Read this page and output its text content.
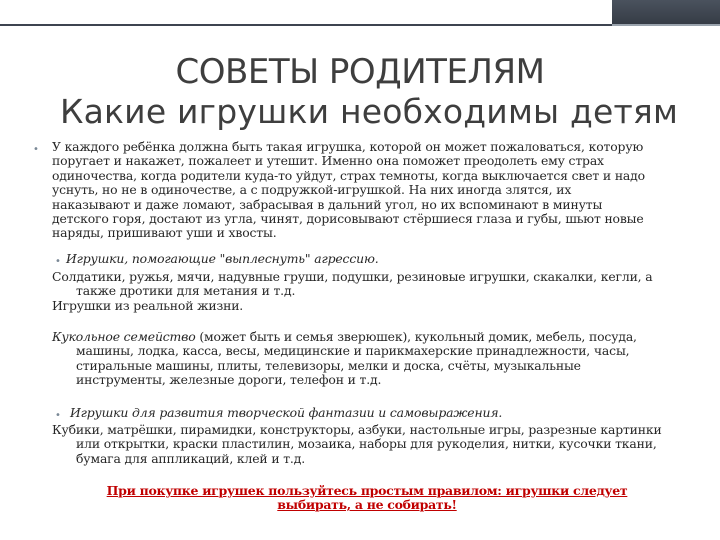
СОВЕТЫ РОДИТЕЛЯМ
Какие игрушки необходимы детям
• У каждого ребёнка должна быть такая игрушка, которой он может пожаловаться, которую
поругает и накажет, пожалеет и утешит. Именно она поможет преодолеть ему страх
одиночества, когда родители куда-то уйдут, страх темноты, когда выключается свет и надо
уснуть, но не в одиночестве, а с подружкой-игрушкой. На них иногда злятся, их
наказывают и даже ломают, забрасывая в дальний угол, но их вспоминают в минуты
детского горя, достают из угла, чинят, дорисовывают стёршиеся глаза и губы, шьют новые
наряды, пришивают уши и хвосты.
• Игрушки, помогающие "выплеснуть" агрессию.
Солдатики, ружья, мячи, надувные груши, подушки, резиновые игрушки, скакалки, кегли, а
также дротики для метания и т.д.
Игрушки из реальной жизни.
Кукольное семейство (может быть и семья зверюшек), кукольный домик, мебель, посуда,
машины, лодка, касса, весы, медицинские и парикмахерские принадлежности, часы,
стиральные машины, плиты, телевизоры, мелки и доска, счёты, музыкальные
инструменты, железные дороги, телефон и т.д.
• Игрушки для развития творческой фантазии и самовыражения.
Кубики, матрёшки, пирамидки, конструкторы, азбуки, настольные игры, разрезные картинки
или открытки, краски пластилин, мозаика, наборы для рукоделия, нитки, кусочки ткани,
бумага для аппликаций, клей и т.д.
При покупке игрушек пользуйтесь простым правилом: игрушки следует
выбирать, а не собирать!
